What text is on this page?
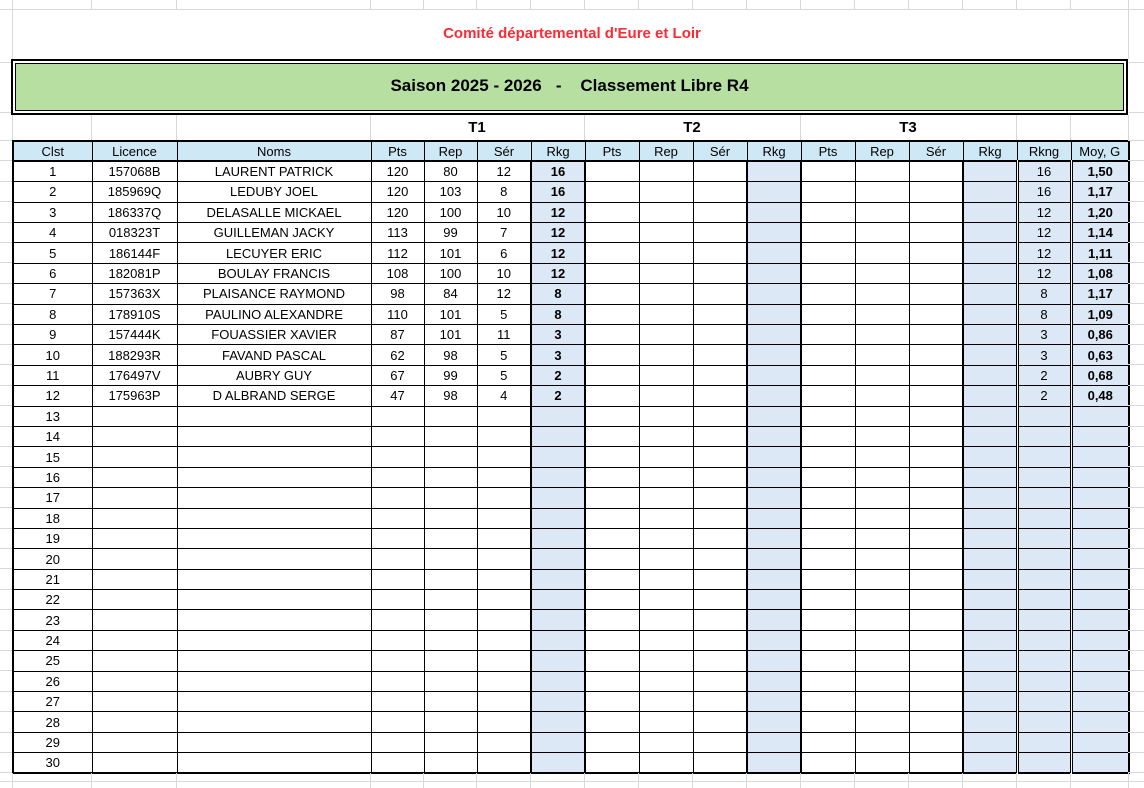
Comité départemental d'Eure et Loir
Saison 2025 - 2026   -    Classement Libre R4
T1	T2	T3
Clst	Licence	Noms	Pts	Rep	Sér	Rkg	Pts	Rep	Sér	Rkg	Pts	Rep	Sér	Rkg	Rkng	Moy, G
1	157068B	LAURENT PATRICK	120	80	12	16									16	1,50
2	185969Q	LEDUBY JOEL	120	103	8	16									16	1,17
3	186337Q	DELASALLE MICKAEL	120	100	10	12									12	1,20
4	018323T	GUILLEMAN JACKY	113	99	7	12									12	1,14
5	186144F	LECUYER ERIC	112	101	6	12									12	1,11
6	182081P	BOULAY FRANCIS	108	100	10	12									12	1,08
7	157363X	PLAISANCE RAYMOND	98	84	12	8									8	1,17
8	178910S	PAULINO ALEXANDRE	110	101	5	8									8	1,09
9	157444K	FOUASSIER XAVIER	87	101	11	3									3	0,86
10	188293R	FAVAND PASCAL	62	98	5	3									3	0,63
11	176497V	AUBRY GUY	67	99	5	2									2	0,68
12	175963P	D ALBRAND SERGE	47	98	4	2									2	0,48
13																
14																
15																
16																
17																
18																
19																
20																
21																
22																
23																
24																
25																
26																
27																
28																
29																
30																
